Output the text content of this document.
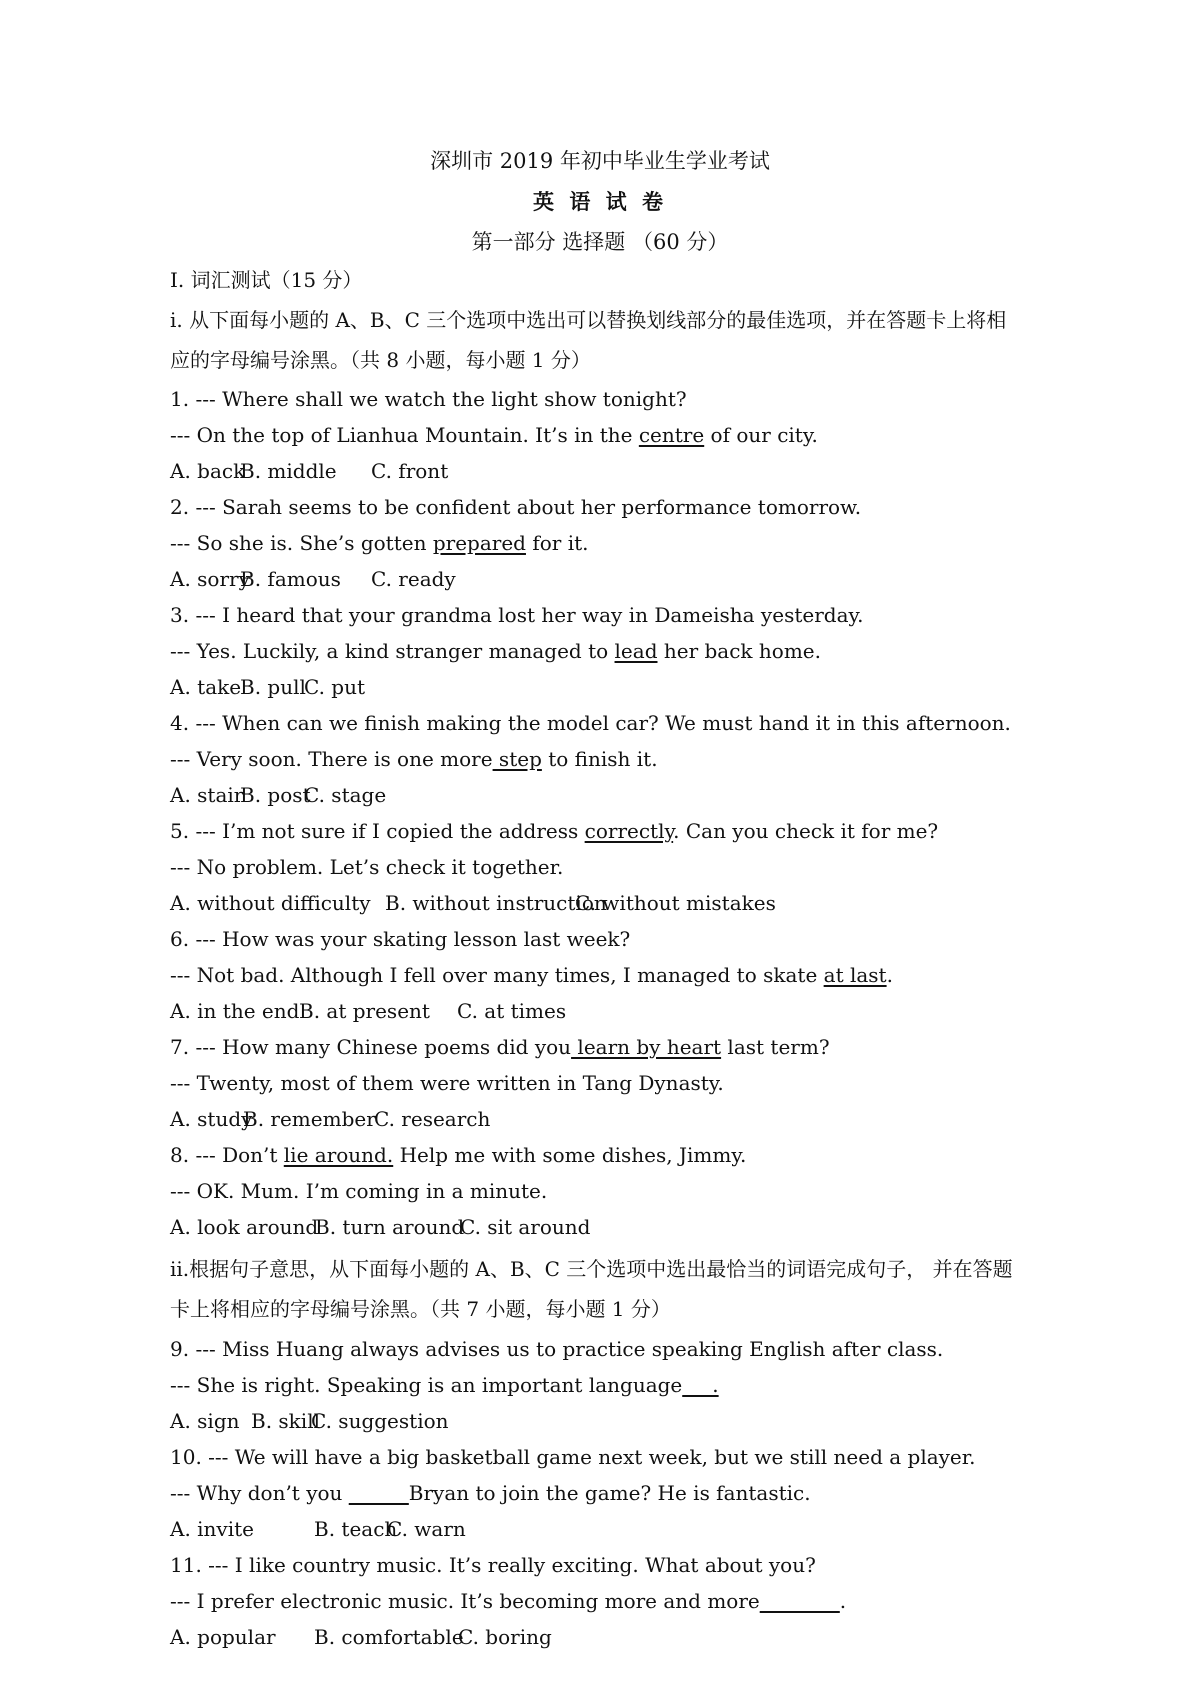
深圳市 2019 年初中毕业生学业考试
英 语 试 卷
第一部分 选择题 （60 分）
I. 词汇测试（15 分）
i. 从下面每小题的 A、B、C 三个选项中选出可以替换划线部分的最佳选项，并在答题卡上将相
应的字母编号涂黑。（共 8 小题，每小题 1 分）
1. --- Where shall we watch the light show tonight?
--- On the top of Lianhua Mountain. It’s in the centre of our city.
A. backB. middle C. front
2. --- Sarah seems to be confident about her performance tomorrow.
--- So she is. She’s gotten prepared for it.
A. sorryB. famous C. ready
3. --- I heard that your grandma lost her way in Dameisha yesterday.
--- Yes. Luckily, a kind stranger managed to lead her back home.
A. takeB. pullC. put
4. --- When can we finish making the model car? We must hand it in this afternoon.
--- Very soon. There is one more step to finish it.
A. stairB. postC. stage
5. --- I’m not sure if I copied the address correctly. Can you check it for me?
--- No problem. Let’s check it together.
A. without difficulty B. without instructionC. without mistakes
6. --- How was your skating lesson last week?
--- Not bad. Although I fell over many times, I managed to skate at last.
A. in the endB. at present C. at times
7. --- How many Chinese poems did you learn by heart last term?
--- Twenty, most of them were written in Tang Dynasty.
A. studyB. rememberC. research
8. --- Don’t lie around. Help me with some dishes, Jimmy.
--- OK. Mum. I’m coming in a minute.
A. look aroundB. turn aroundC. sit around
ii.根据句子意思，从下面每小题的 A、B、C 三个选项中选出最恰当的词语完成句子， 并在答题
卡上将相应的字母编号涂黑。（共 7 小题，每小题 1 分）
9. --- Miss Huang always advises us to practice speaking English after class.
--- She is right. Speaking is an important language___.
A. sign B. skillC. suggestion
10. --- We will have a big basketball game next week, but we still need a player.
--- Why don’t you ______Bryan to join the game? He is fantastic.
A. invite	B. teachC. warn
11. --- I like country music. It’s really exciting. What about you?
--- I prefer electronic music. It’s becoming more and more________.
A. popular B. comfortableC. boring
